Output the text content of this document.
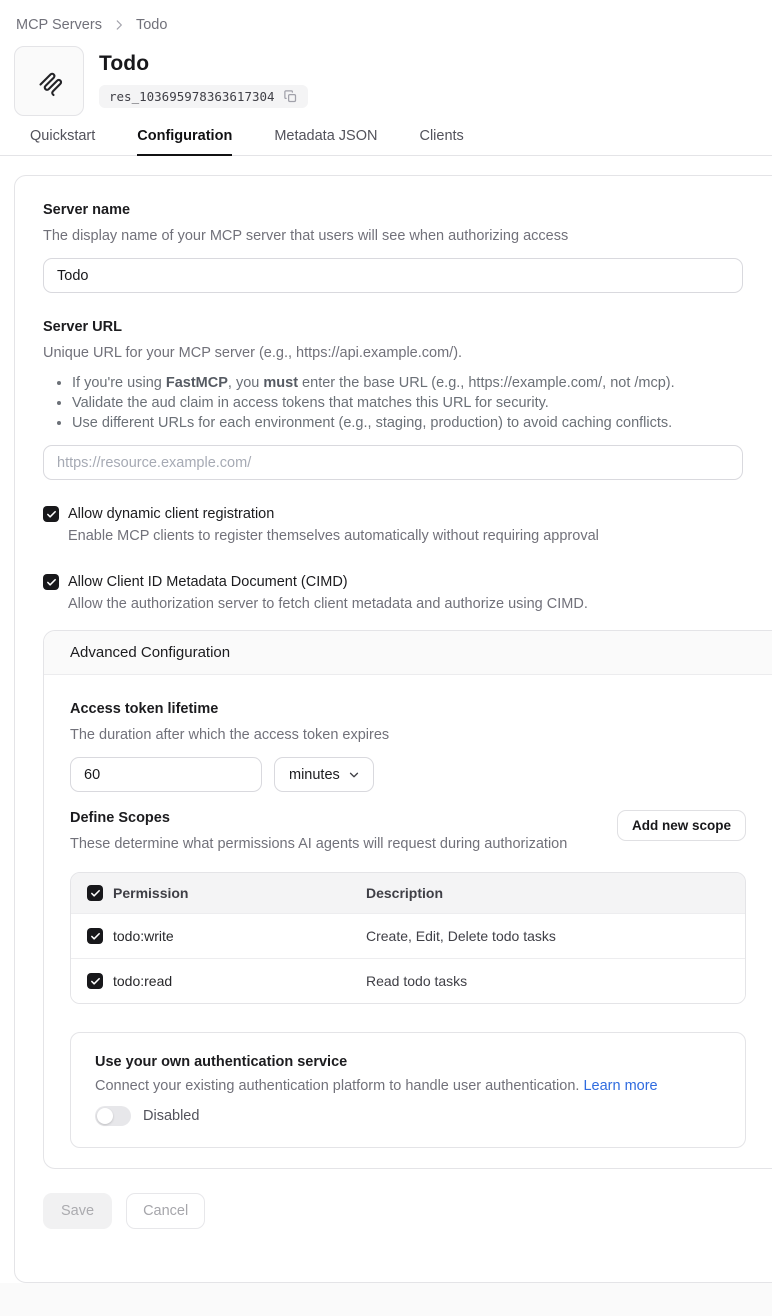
MCP Servers Todo
Todo
res_103695978363617304
Quickstart	Configuration	Metadata JSON	Clients
Server name
The display name of your MCP server that users will see when authorizing access
Todo
Server URL
Unique URL for your MCP server (e.g., https://api.example.com/).
• If you're using FastMCP, you must enter the base URL (e.g., https://example.com/, not /mcp).
• Validate the aud claim in access tokens that matches this URL for security.
• Use different URLs for each environment (e.g., staging, production) to avoid caching conflicts.
https://resource.example.com/
Allow dynamic client registration
Enable MCP clients to register themselves automatically without requiring approval
Allow Client ID Metadata Document (CIMD)
Allow the authorization server to fetch client metadata and authorize using CIMD.
Advanced Configuration
Access token lifetime
The duration after which the access token expires
60
minutes
Define Scopes
These determine what permissions AI agents will request during authorization
Add new scope
Permission	Description
todo:write	Create, Edit, Delete todo tasks
todo:read	Read todo tasks
Use your own authentication service
Connect your existing authentication platform to handle user authentication. Learn more
Disabled
Save	Cancel
